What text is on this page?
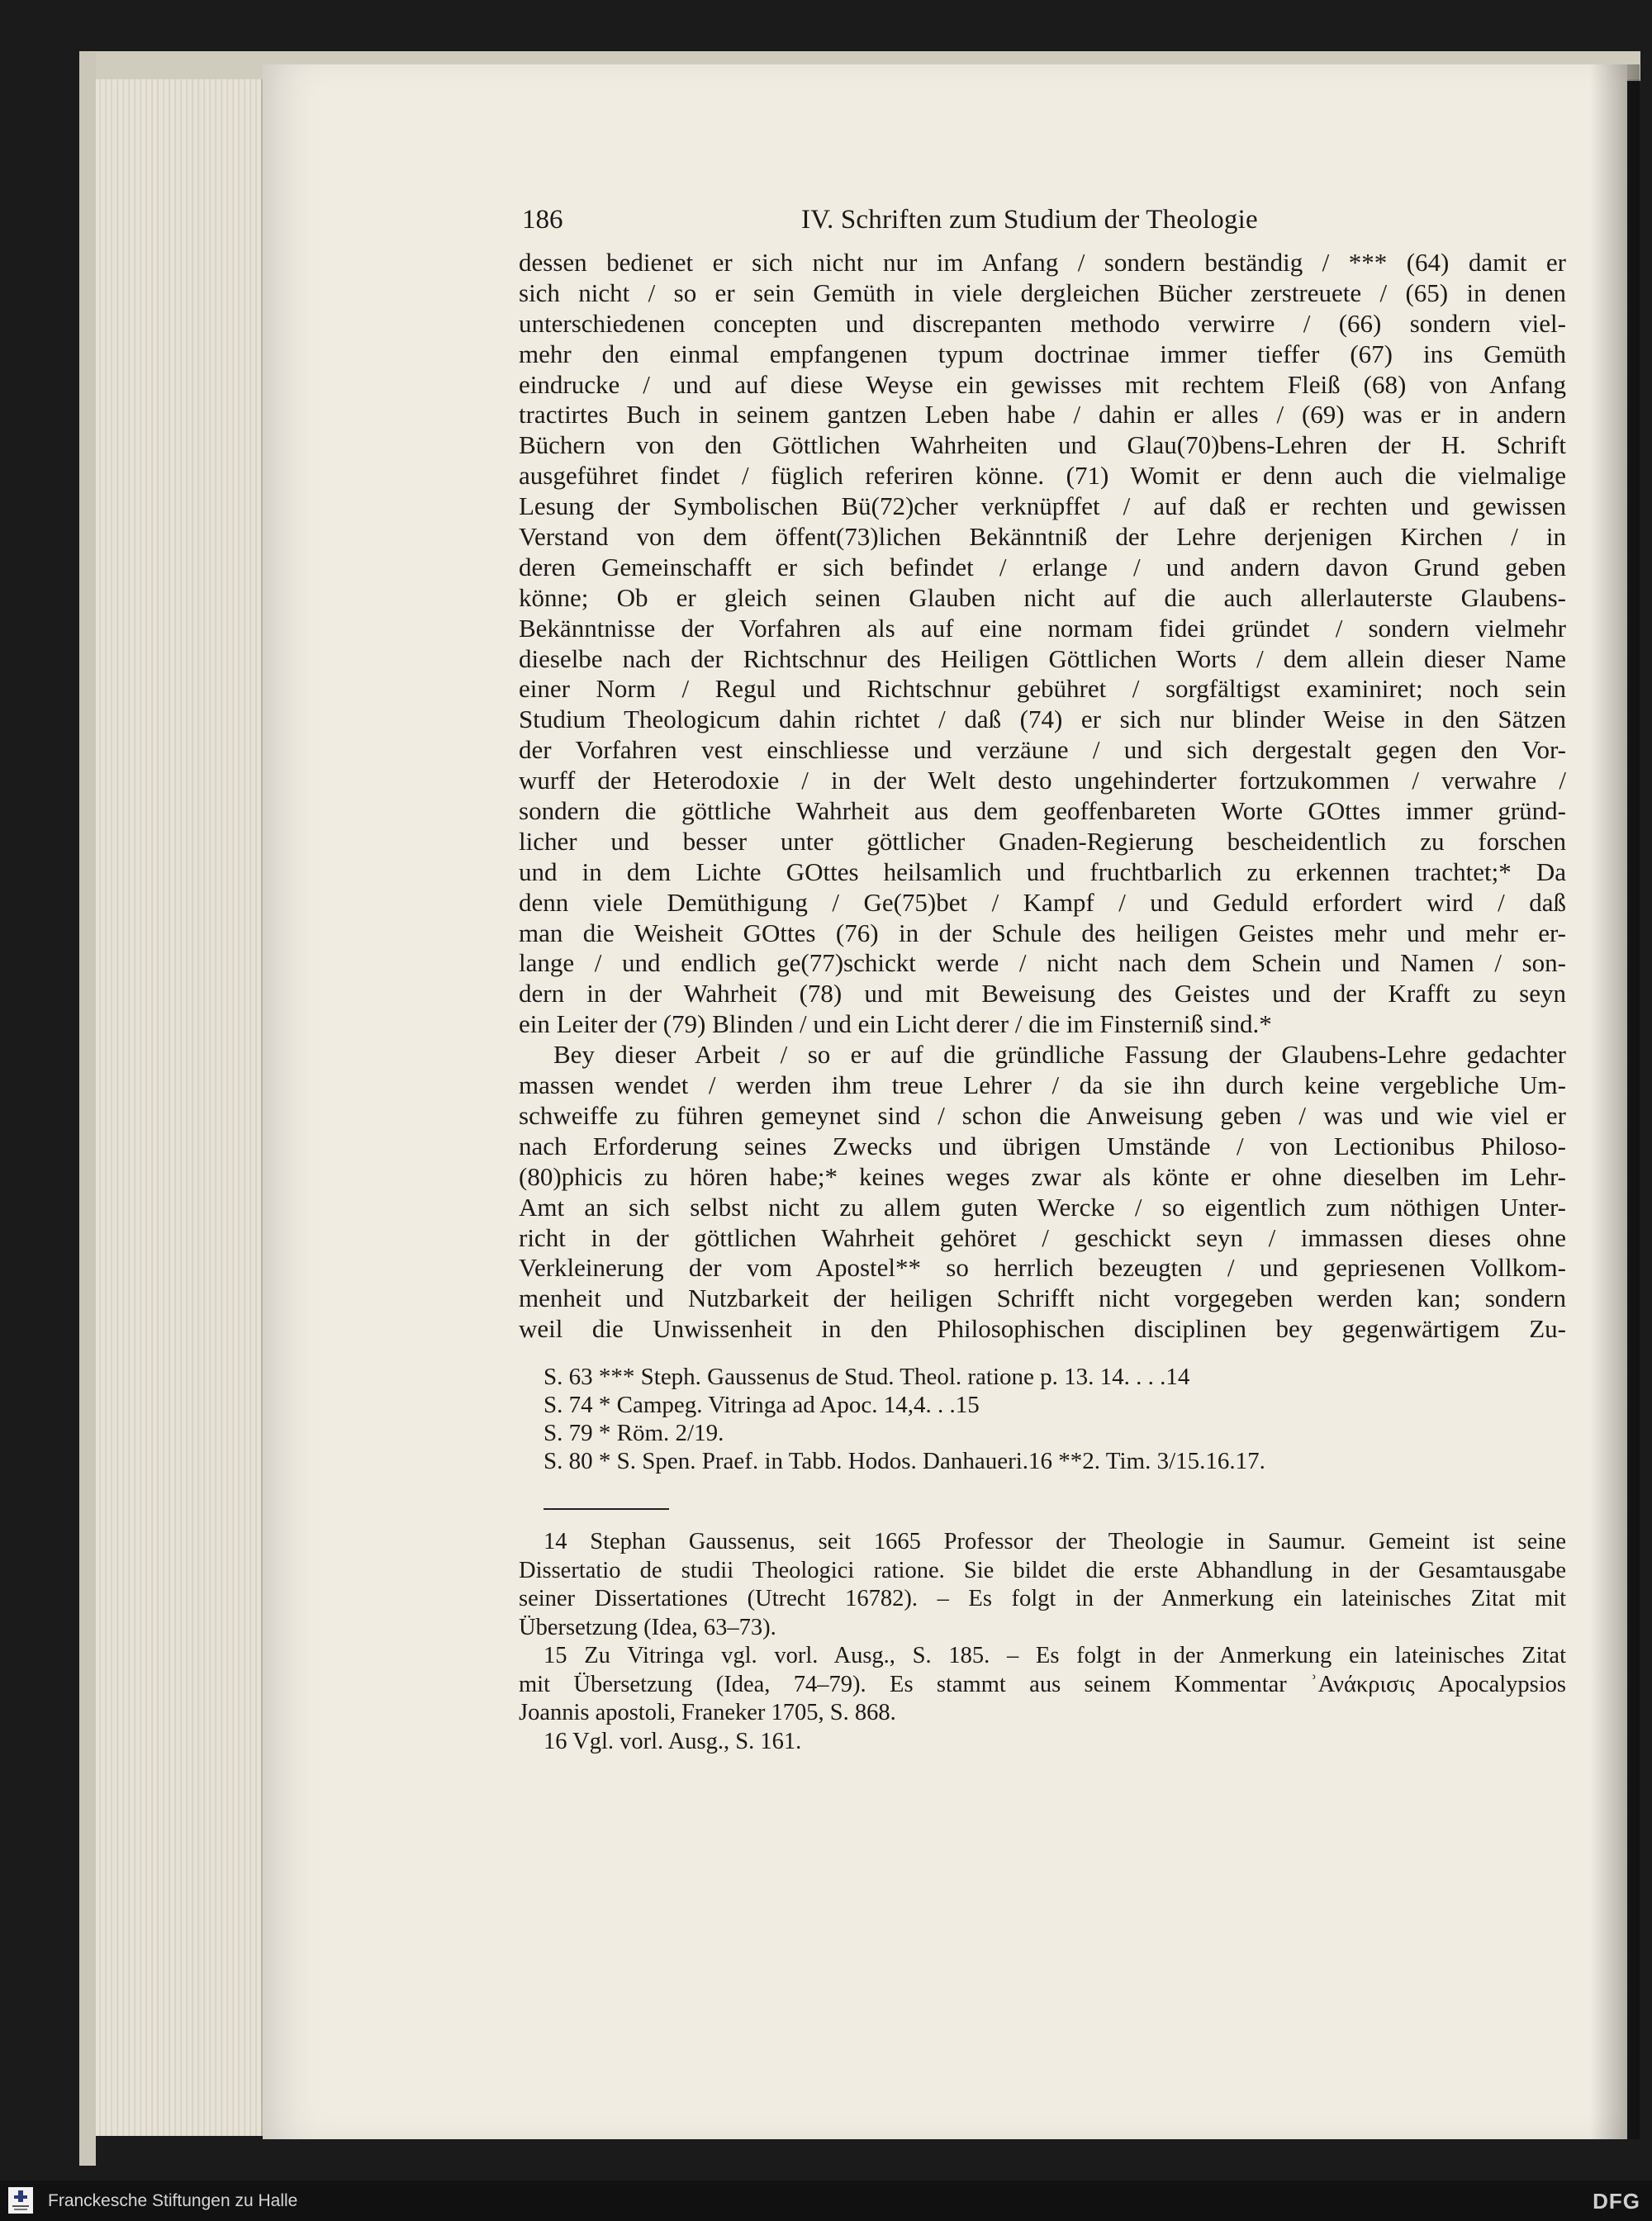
186	IV. Schriften zum Studium der Theologie
dessen bedienet er sich nicht nur im Anfang / sondern beständig / *** (64) damit er
sich nicht / so er sein Gemüth in viele dergleichen Bücher zerstreuete / (65) in denen
unterschiedenen concepten und discrepanten methodo verwirre / (66) sondern viel-
mehr den einmal empfangenen typum doctrinae immer tieffer (67) ins Gemüth
eindrucke / und auf diese Weyse ein gewisses mit rechtem Fleiß (68) von Anfang
tractirtes Buch in seinem gantzen Leben habe / dahin er alles / (69) was er in andern
Büchern von den Göttlichen Wahrheiten und Glau(70)bens-Lehren der H. Schrift
ausgeführet findet / füglich referiren könne. (71) Womit er denn auch die vielmalige
Lesung der Symbolischen Bü(72)cher verknüpffet / auf daß er rechten und gewissen
Verstand von dem öffent(73)lichen Bekänntniß der Lehre derjenigen Kirchen / in
deren Gemeinschafft er sich befindet / erlange / und andern davon Grund geben
könne; Ob er gleich seinen Glauben nicht auf die auch allerlauterste Glaubens-
Bekänntnisse der Vorfahren als auf eine normam fidei gründet / sondern vielmehr
dieselbe nach der Richtschnur des Heiligen Göttlichen Worts / dem allein dieser Name
einer Norm / Regul und Richtschnur gebühret / sorgfältigst examiniret; noch sein
Studium Theologicum dahin richtet / daß (74) er sich nur blinder Weise in den Sätzen
der Vorfahren vest einschliesse und verzäune / und sich dergestalt gegen den Vor-
wurff der Heterodoxie / in der Welt desto ungehinderter fortzukommen / verwahre /
sondern die göttliche Wahrheit aus dem geoffenbareten Worte GOttes immer gründ-
licher und besser unter göttlicher Gnaden-Regierung bescheidentlich zu forschen
und in dem Lichte GOttes heilsamlich und fruchtbarlich zu erkennen trachtet;* Da
denn viele Demüthigung / Ge(75)bet / Kampf / und Geduld erfordert wird / daß
man die Weisheit GOttes (76) in der Schule des heiligen Geistes mehr und mehr er-
lange / und endlich ge(77)schickt werde / nicht nach dem Schein und Namen / son-
dern in der Wahrheit (78) und mit Beweisung des Geistes und der Krafft zu seyn
ein Leiter der (79) Blinden / und ein Licht derer / die im Finsterniß sind.*
Bey dieser Arbeit / so er auf die gründliche Fassung der Glaubens-Lehre gedachter
massen wendet / werden ihm treue Lehrer / da sie ihn durch keine vergebliche Um-
schweiffe zu führen gemeynet sind / schon die Anweisung geben / was und wie viel er
nach Erforderung seines Zwecks und übrigen Umstände / von Lectionibus Philoso-
(80)phicis zu hören habe;* keines weges zwar als könte er ohne dieselben im Lehr-
Amt an sich selbst nicht zu allem guten Wercke / so eigentlich zum nöthigen Unter-
richt in der göttlichen Wahrheit gehöret / geschickt seyn / immassen dieses ohne
Verkleinerung der vom Apostel** so herrlich bezeugten / und gepriesenen Vollkom-
menheit und Nutzbarkeit der heiligen Schrifft nicht vorgegeben werden kan; sondern
weil die Unwissenheit in den Philosophischen disciplinen bey gegenwärtigem Zu-
S. 63 *** Steph. Gaussenus de Stud. Theol. ratione p. 13. 14. . . .14
S. 74 * Campeg. Vitringa ad Apoc. 14,4. . .15
S. 79 * Röm. 2/19.
S. 80 * S. Spen. Praef. in Tabb. Hodos. Danhaueri.16 **2. Tim. 3/15.16.17.
14 Stephan Gaussenus, seit 1665 Professor der Theologie in Saumur. Gemeint ist seine
Dissertatio de studii Theologici ratione. Sie bildet die erste Abhandlung in der Gesamtausgabe
seiner Dissertationes (Utrecht 16782). – Es folgt in der Anmerkung ein lateinisches Zitat mit
Übersetzung (Idea, 63–73).
15 Zu Vitringa vgl. vorl. Ausg., S. 185. – Es folgt in der Anmerkung ein lateinisches Zitat
mit Übersetzung (Idea, 74–79). Es stammt aus seinem Kommentar ʾΑνάκρισις Apocalypsios
Joannis apostoli, Franeker 1705, S. 868.
16 Vgl. vorl. Ausg., S. 161.
Franckesche Stiftungen zu Halle	DFG
